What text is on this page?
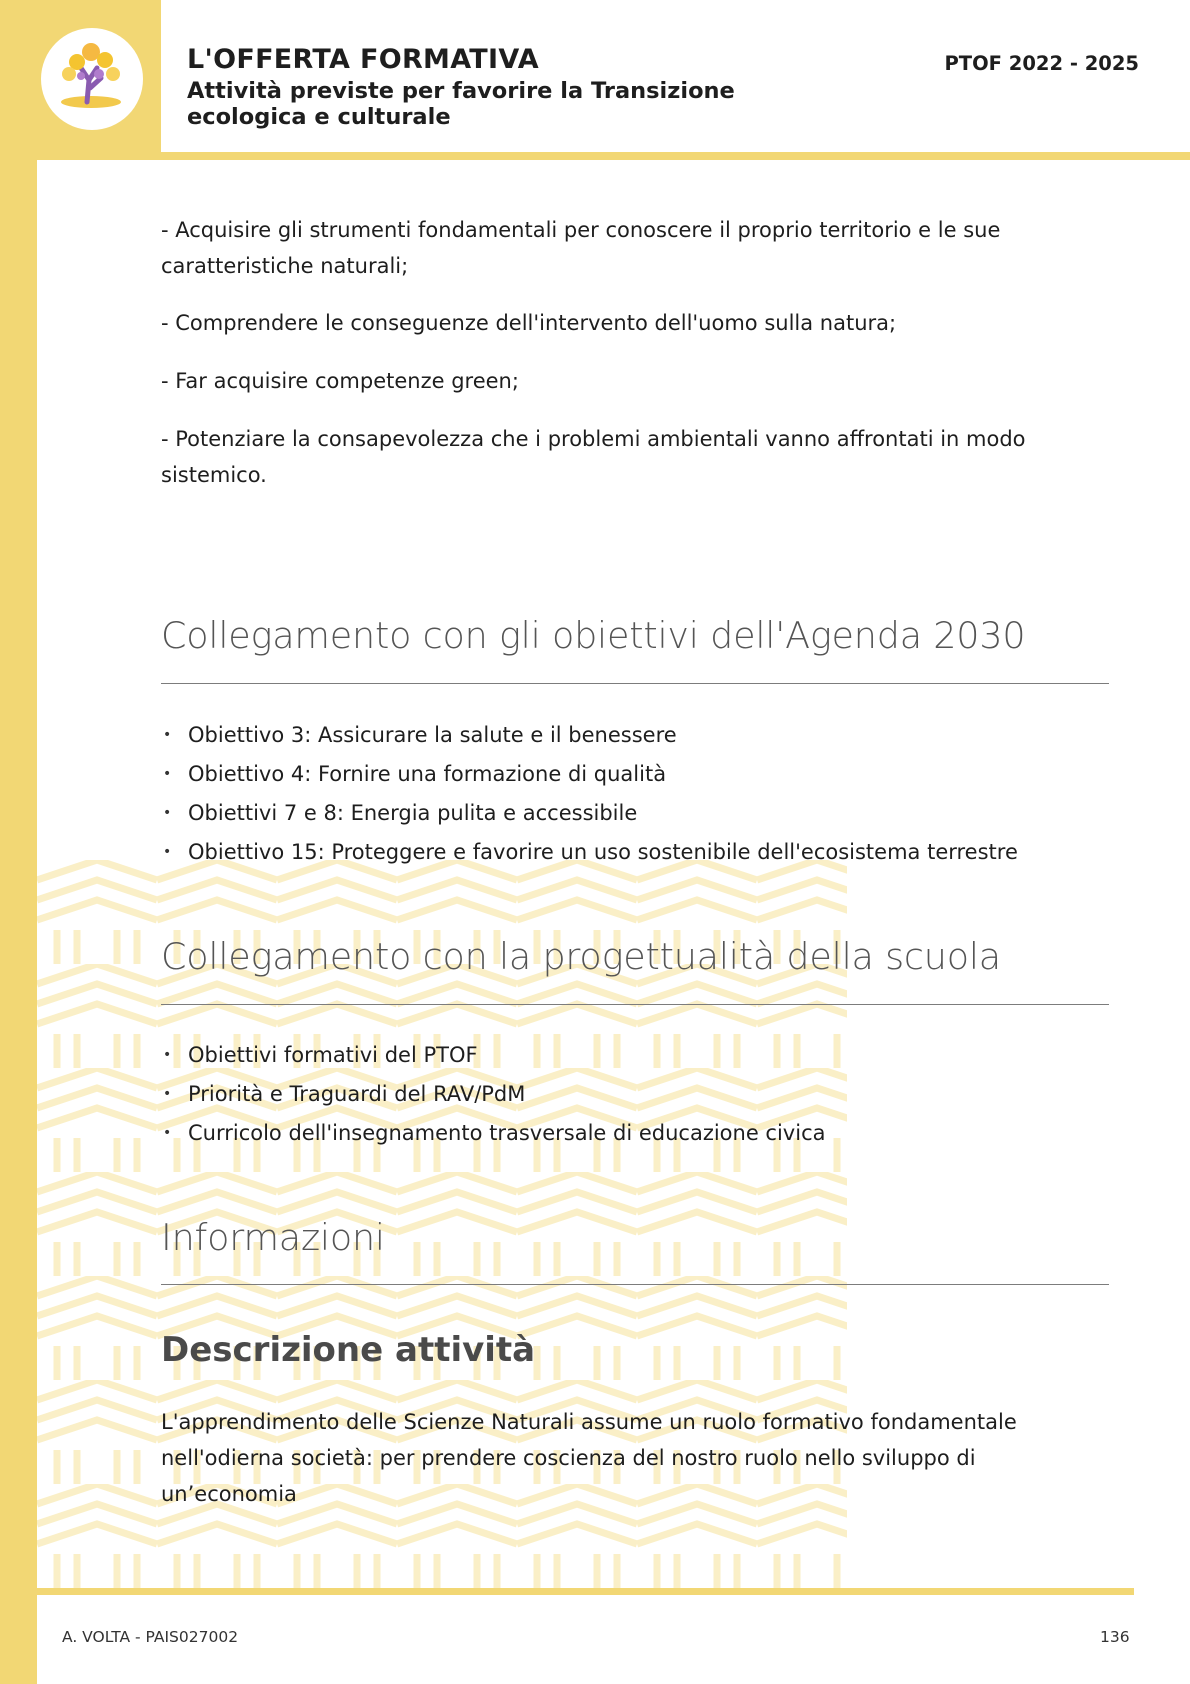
L'OFFERTA FORMATIVA
Attività previste per favorire la Transizione ecologica e culturale
PTOF 2022 - 2025

- Acquisire gli strumenti fondamentali per conoscere il proprio territorio e le sue caratteristiche naturali;

- Comprendere le conseguenze dell'intervento dell'uomo sulla natura;

- Far acquisire competenze green;

- Potenziare la consapevolezza che i problemi ambientali vanno affrontati in modo sistemico.

Collegamento con gli obiettivi dell'Agenda 2030
• Obiettivo 3: Assicurare la salute e il benessere
• Obiettivo 4: Fornire una formazione di qualità
• Obiettivi 7 e 8: Energia pulita e accessibile
• Obiettivo 15: Proteggere e favorire un uso sostenibile dell'ecosistema terrestre
Collegamento con la progettualità della scuola
• Obiettivi formativi del PTOF
• Priorità e Traguardi del RAV/PdM
• Curricolo dell'insegnamento trasversale di educazione civica
Informazioni
Descrizione attività

L'apprendimento delle Scienze Naturali assume un ruolo formativo fondamentale nell'odierna società: per prendere coscienza del nostro ruolo nello sviluppo di un’economia

A. VOLTA - PAIS027002	136
